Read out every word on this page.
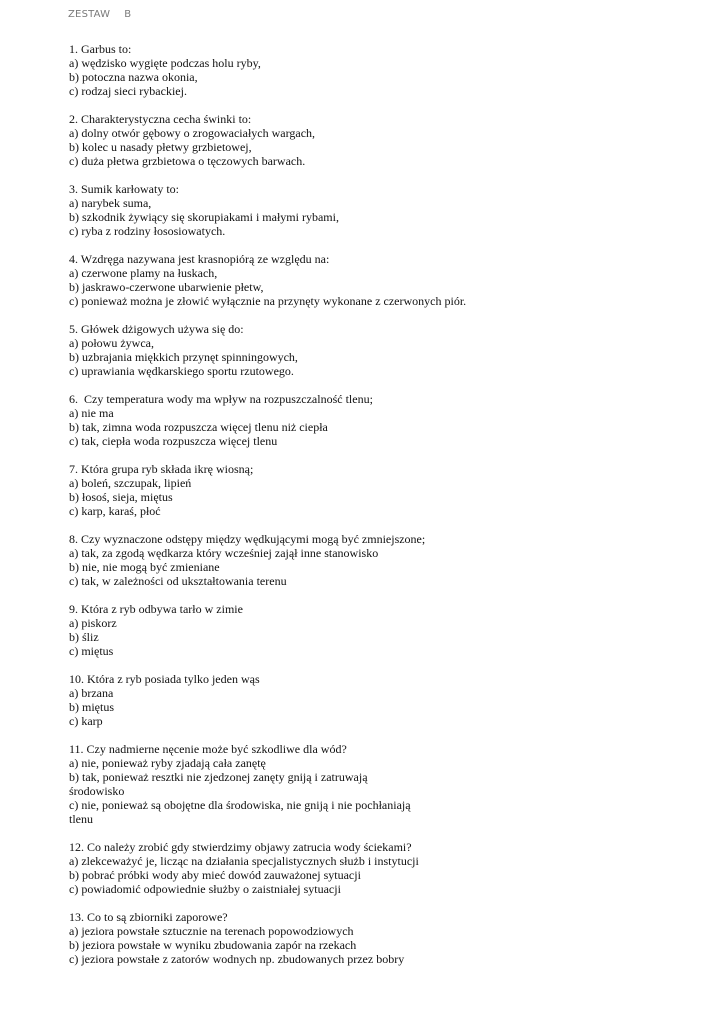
ZESTAW B
1. Garbus to:
a) wędzisko wygięte podczas holu ryby,
b) potoczna nazwa okonia,
c) rodzaj sieci rybackiej.
2. Charakterystyczna cecha świnki to:
a) dolny otwór gębowy o zrogowaciałych wargach,
b) kolec u nasady płetwy grzbietowej,
c) duża płetwa grzbietowa o tęczowych barwach.
3. Sumik karłowaty to:
a) narybek suma,
b) szkodnik żywiący się skorupiakami i małymi rybami,
c) ryba z rodziny łososiowatych.
4. Wzdręga nazywana jest krasnopiórą ze względu na:
a) czerwone plamy na łuskach,
b) jaskrawo-czerwone ubarwienie płetw,
c) ponieważ można je złowić wyłącznie na przynęty wykonane z czerwonych piór.
5. Główek dżigowych używa się do:
a) połowu żywca,
b) uzbrajania miękkich przynęt spinningowych,
c) uprawiania wędkarskiego sportu rzutowego.
6.  Czy temperatura wody ma wpływ na rozpuszczalność tlenu;
a) nie ma
b) tak, zimna woda rozpuszcza więcej tlenu niż ciepła
c) tak, ciepła woda rozpuszcza więcej tlenu
7. Która grupa ryb składa ikrę wiosną;
a) boleń, szczupak, lipień
b) łosoś, sieja, miętus
c) karp, karaś, płoć
8. Czy wyznaczone odstępy między wędkującymi mogą być zmniejszone;
a) tak, za zgodą wędkarza który wcześniej zajął inne stanowisko
b) nie, nie mogą być zmieniane
c) tak, w zależności od ukształtowania terenu
9. Która z ryb odbywa tarło w zimie
a) piskorz
b) śliz
c) miętus
10. Która z ryb posiada tylko jeden wąs
a) brzana
b) miętus
c) karp
11. Czy nadmierne nęcenie może być szkodliwe dla wód?
a) nie, ponieważ ryby zjadają cała zanętę
b) tak, ponieważ resztki nie zjedzonej zanęty gniją i zatruwają
środowisko
c) nie, ponieważ są obojętne dla środowiska, nie gniją i nie pochłaniają
tlenu
12. Co należy zrobić gdy stwierdzimy objawy zatrucia wody ściekami?
a) zlekceważyć je, licząc na działania specjalistycznych służb i instytucji
b) pobrać próbki wody aby mieć dowód zauważonej sytuacji
c) powiadomić odpowiednie służby o zaistniałej sytuacji
13. Co to są zbiorniki zaporowe?
a) jeziora powstałe sztucznie na terenach popowodziowych
b) jeziora powstałe w wyniku zbudowania zapór na rzekach
c) jeziora powstałe z zatorów wodnych np. zbudowanych przez bobry
